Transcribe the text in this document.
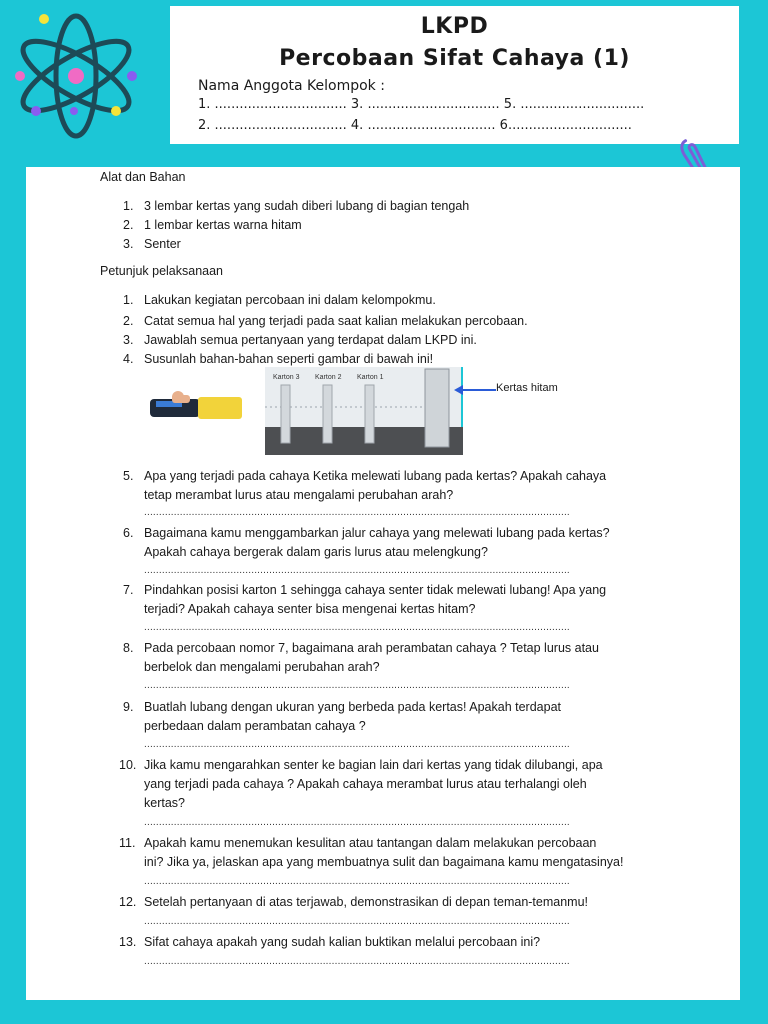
LKPD
Percobaan Sifat Cahaya (1)
Nama Anggota Kelompok :
1. ................................ 3. ................................ 5. ..............................
2. ................................ 4. ............................... 6..............................
Alat dan Bahan
1. 3 lembar kertas yang sudah diberi lubang di bagian tengah
2. 1 lembar kertas warna hitam
3. Senter
Petunjuk pelaksanaan
1. Lakukan kegiatan percobaan ini dalam kelompokmu.
2. Catat semua hal yang terjadi pada saat kalian melakukan percobaan.
3. Jawablah semua pertanyaan yang terdapat dalam LKPD ini.
4. Susunlah bahan-bahan seperti gambar di bawah ini!
Karton 3 Karton 2 Karton 1
Kertas hitam
5. Apa yang terjadi pada cahaya Ketika melewati lubang pada kertas? Apakah cahaya
tetap merambat lurus atau mengalami perubahan arah?
...............................................................................................................................................
6. Bagaimana kamu menggambarkan jalur cahaya yang melewati lubang pada kertas?
Apakah cahaya bergerak dalam garis lurus atau melengkung?
...............................................................................................................................................
7. Pindahkan posisi karton 1 sehingga cahaya senter tidak melewati lubang! Apa yang
terjadi? Apakah cahaya senter bisa mengenai kertas hitam?
...............................................................................................................................................
8. Pada percobaan nomor 7, bagaimana arah perambatan cahaya ? Tetap lurus atau
berbelok dan mengalami perubahan arah?
...............................................................................................................................................
9. Buatlah lubang dengan ukuran yang berbeda pada kertas! Apakah terdapat
perbedaan dalam perambatan cahaya ?
...............................................................................................................................................
10. Jika kamu mengarahkan senter ke bagian lain dari kertas yang tidak dilubangi, apa
yang terjadi pada cahaya ? Apakah cahaya merambat lurus atau terhalangi oleh
kertas?
...............................................................................................................................................
11. Apakah kamu menemukan kesulitan atau tantangan dalam melakukan percobaan
ini? Jika ya, jelaskan apa yang membuatnya sulit dan bagaimana kamu mengatasinya!
...............................................................................................................................................
12. Setelah pertanyaan di atas terjawab, demonstrasikan di depan teman-temanmu!
...............................................................................................................................................
13. Sifat cahaya apakah yang sudah kalian buktikan melalui percobaan ini?
...............................................................................................................................................
